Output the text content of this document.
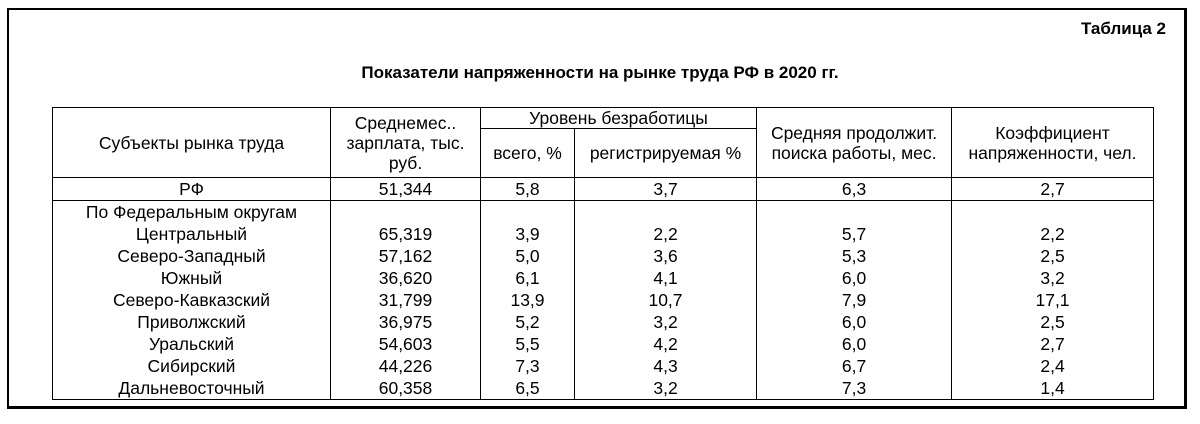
Таблица 2
Показатели напряженности на рынке труда РФ в 2020 гг.
Субъекты рынка труда	Среднемес.. зарплата, тыс. руб.	Уровень безработицы		Средняя продолжит. поиска работы, мес.	Коэффициент напряженности, чел.
		всего, %	регистрируемая %		
РФ	51,344	5,8	3,7	6,3	2,7
По Федеральным округам					
Центральный	65,319	3,9	2,2	5,7	2,2
Северо-Западный	57,162	5,0	3,6	5,3	2,5
Южный	36,620	6,1	4,1	6,0	3,2
Северо-Кавказский	31,799	13,9	10,7	7,9	17,1
Приволжский	36,975	5,2	3,2	6,0	2,5
Уральский	54,603	5,5	4,2	6,0	2,7
Сибирский	44,226	7,3	4,3	6,7	2,4
Дальневосточный	60,358	6,5	3,2	7,3	1,4
